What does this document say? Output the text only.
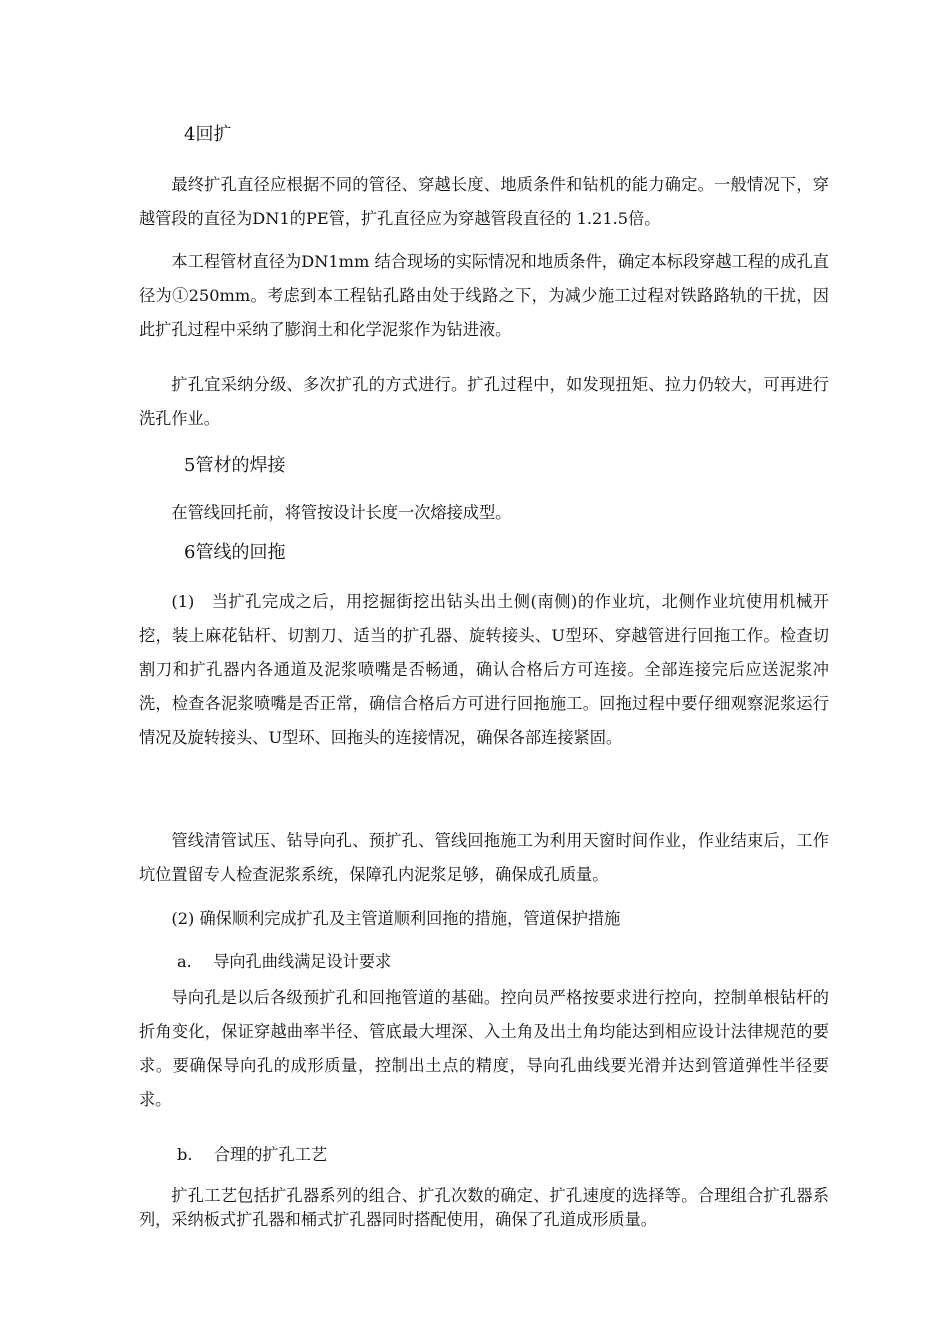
4回扩
最终扩孔直径应根据不同的管径、穿越长度、地质条件和钻机的能力确定。一般情况下，穿越管段的直径为DN1的PE管，扩孔直径应为穿越管段直径的 1.21.5倍。
本工程管材直径为DN1mm 结合现场的实际情况和地质条件，确定本标段穿越工程的成孔直径为①250mm。考虑到本工程钻孔路由处于线路之下，为减少施工过程对铁路路轨的干扰，因此扩孔过程中采纳了膨润土和化学泥浆作为钻进液。
扩孔宜采纳分级、多次扩孔的方式进行。扩孔过程中，如发现扭矩、拉力仍较大，可再进行洗孔作业。
5管材的焊接
在管线回托前，将管按设计长度一次熔接成型。
6管线的回拖
(1)　当扩孔完成之后，用挖掘街挖出钻头出土侧(南侧)的作业坑，北侧作业坑使用机械开挖，装上麻花钻杆、切割刀、适当的扩孔器、旋转接头、U型环、穿越管进行回拖工作。检查切割刀和扩孔器内各通道及泥浆喷嘴是否畅通，确认合格后方可连接。全部连接完后应送泥浆冲洗，检查各泥浆喷嘴是否正常，确信合格后方可进行回拖施工。回拖过程中要仔细观察泥浆运行情况及旋转接头、U型环、回拖头的连接情况，确保各部连接紧固。
管线清管试压、钻导向孔、预扩孔、管线回拖施工为利用天窗时间作业，作业结束后，工作坑位置留专人检查泥浆系统，保障孔内泥浆足够，确保成孔质量。
(2) 确保顺利完成扩孔及主管道顺利回拖的措施，管道保护措施
a.　 导向孔曲线满足设计要求
导向孔是以后各级预扩孔和回拖管道的基础。控向员严格按要求进行控向，控制单根钻杆的折角变化，保证穿越曲率半径、管底最大埋深、入土角及出土角均能达到相应设计法律规范的要求。要确保导向孔的成形质量，控制出土点的精度，导向孔曲线要光滑并达到管道弹性半径要求。
b.　 合理的扩孔工艺
扩孔工艺包括扩孔器系列的组合、扩孔次数的确定、扩孔速度的选择等。合理组合扩孔器系列，采纳板式扩孔器和桶式扩孔器同时搭配使用，确保了孔道成形质量。
